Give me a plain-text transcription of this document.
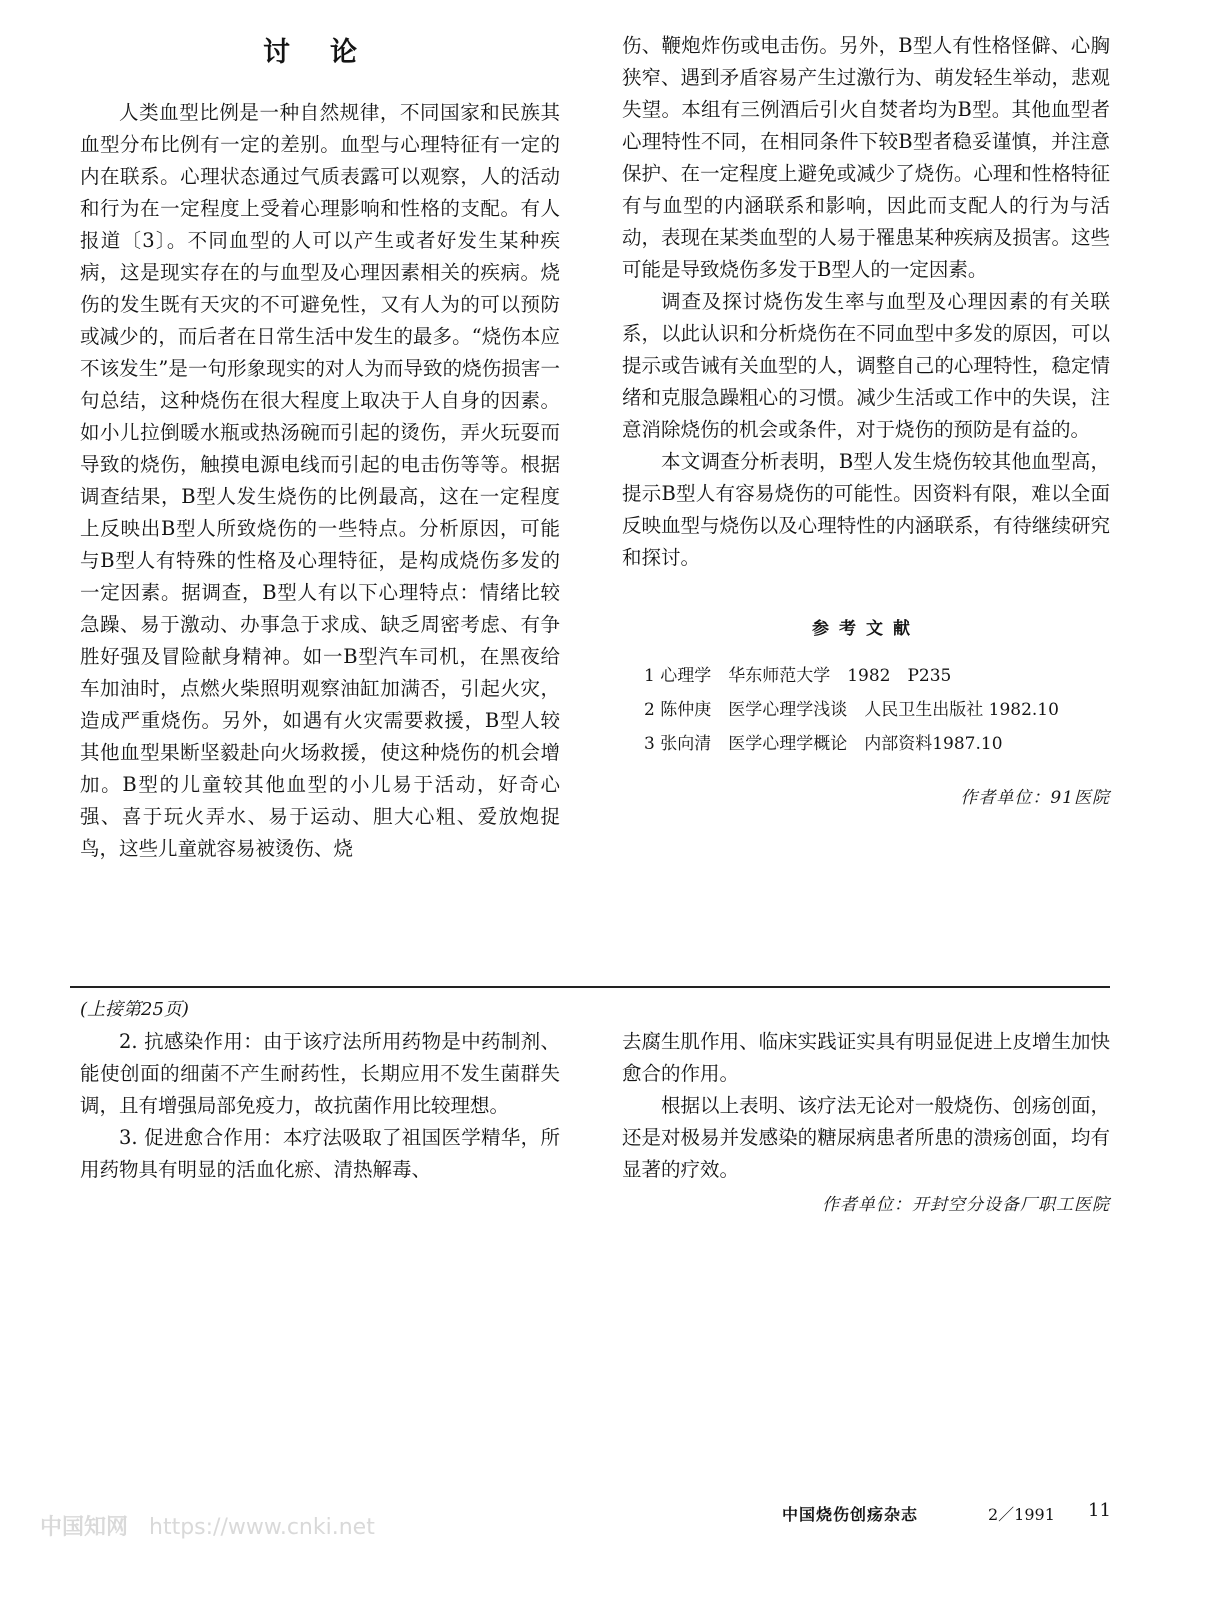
讨论

人类血型比例是一种自然规律，不同国家和民族其血型分布比例有一定的差别。血型与心理特征有一定的内在联系。心理状态通过气质表露可以观察，人的活动和行为在一定程度上受着心理影响和性格的支配。有人报道〔3〕。不同血型的人可以产生或者好发生某种疾病，这是现实存在的与血型及心理因素相关的疾病。烧伤的发生既有天灾的不可避免性，又有人为的可以预防或减少的，而后者在日常生活中发生的最多。“烧伤本应不该发生”是一句形象现实的对人为而导致的烧伤损害一句总结，这种烧伤在很大程度上取决于人自身的因素。如小儿拉倒暖水瓶或热汤碗而引起的烫伤，弄火玩耍而导致的烧伤，触摸电源电线而引起的电击伤等等。根据调查结果，B型人发生烧伤的比例最高，这在一定程度上反映出B型人所致烧伤的一些特点。分析原因，可能与B型人有特殊的性格及心理特征，是构成烧伤多发的一定因素。据调查，B型人有以下心理特点：情绪比较急躁、易于激动、办事急于求成、缺乏周密考虑、有争胜好强及冒险献身精神。如一B型汽车司机，在黑夜给车加油时，点燃火柴照明观察油缸加满否，引起火灾，造成严重烧伤。另外，如遇有火灾需要救援，B型人较其他血型果断坚毅赴向火场救援，使这种烧伤的机会增加。B型的儿童较其他血型的小儿易于活动，好奇心强、喜于玩火弄水、易于运动、胆大心粗、爱放炮捉鸟，这些儿童就容易被烫伤、烧

伤、鞭炮炸伤或电击伤。另外，B型人有性格怪僻、心胸狭窄、遇到矛盾容易产生过激行为、萌发轻生举动，悲观失望。本组有三例酒后引火自焚者均为B型。其他血型者心理特性不同，在相同条件下较B型者稳妥谨慎，并注意保护、在一定程度上避免或减少了烧伤。心理和性格特征有与血型的内涵联系和影响，因此而支配人的行为与活动，表现在某类血型的人易于罹患某种疾病及损害。这些可能是导致烧伤多发于B型人的一定因素。

调查及探讨烧伤发生率与血型及心理因素的有关联系，以此认识和分析烧伤在不同血型中多发的原因，可以提示或告诫有关血型的人，调整自己的心理特性，稳定情绪和克服急躁粗心的习惯。减少生活或工作中的失误，注意消除烧伤的机会或条件，对于烧伤的预防是有益的。

本文调查分析表明，B型人发生烧伤较其他血型高，提示B型人有容易烧伤的可能性。因资料有限，难以全面反映血型与烧伤以及心理特性的内涵联系，有待继续研究和探讨。

参考文献

1 心理学　华东师范大学　1982　P235

2 陈仲庚　医学心理学浅谈　人民卫生出版社 1982.10

3 张向清　医学心理学概论　内部资料1987.10

作者单位：91医院
(上接第25页)

2. 抗感染作用：由于该疗法所用药物是中药制剂、能使创面的细菌不产生耐药性，长期应用不发生菌群失调，且有增强局部免疫力，故抗菌作用比较理想。

3. 促进愈合作用：本疗法吸取了祖国医学精华，所用药物具有明显的活血化瘀、清热解毒、

去腐生肌作用、临床实践证实具有明显促进上皮增生加快愈合的作用。

根据以上表明、该疗法无论对一般烧伤、创疡创面，还是对极易并发感染的糖尿病患者所患的溃疡创面，均有显著的疗效。

作者单位：开封空分设备厂职工医院
中国知网 https://www.cnki.net
中国烧伤创疡杂志	2／1991 11
